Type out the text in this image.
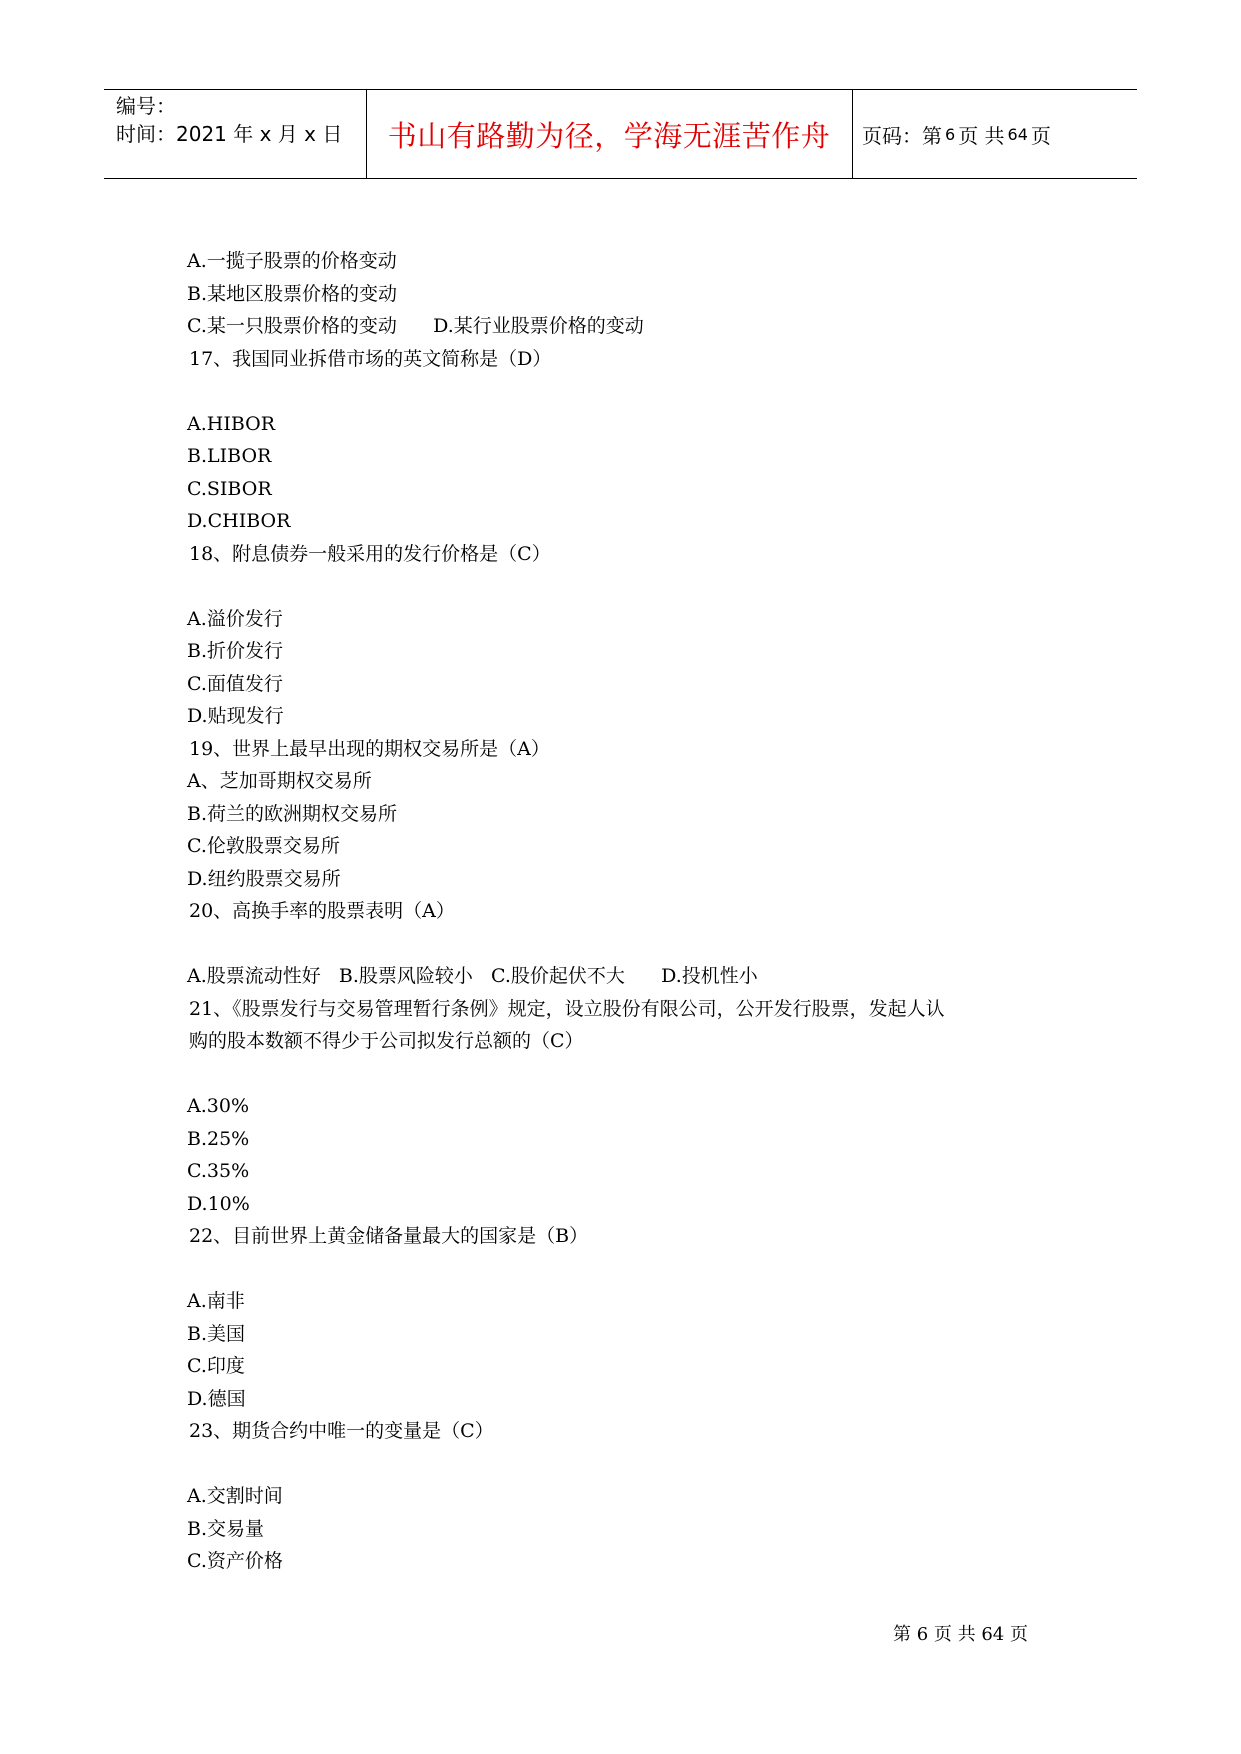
编号：
时间：2021 年 x 月 x 日	书山有路勤为径，学海无涯苦作舟	页码：第 6 页 共 64 页
A.一揽子股票的价格变动
B.某地区股票价格的变动
C.某一只股票价格的变动      D.某行业股票价格的变动
17、我国同业拆借市场的英文简称是（D）
A.HIBOR
B.LIBOR
C.SIBOR
D.CHIBOR
18、附息债券一般采用的发行价格是（C）
A.溢价发行
B.折价发行
C.面值发行
D.贴现发行
19、世界上最早出现的期权交易所是（A）
A、芝加哥期权交易所
B.荷兰的欧洲期权交易所
C.伦敦股票交易所
D.纽约股票交易所
20、高换手率的股票表明（A）
A.股票流动性好   B.股票风险较小   C.股价起伏不大      D.投机性小
21、《股票发行与交易管理暂行条例》规定，设立股份有限公司，公开发行股票，发起人认
购的股本数额不得少于公司拟发行总额的（C）
A.30%
B.25%
C.35%
D.10%
22、目前世界上黄金储备量最大的国家是（B）
A.南非
B.美国
C.印度
D.德国
23、期货合约中唯一的变量是（C）
A.交割时间
B.交易量
C.资产价格
第 6 页 共 64 页
